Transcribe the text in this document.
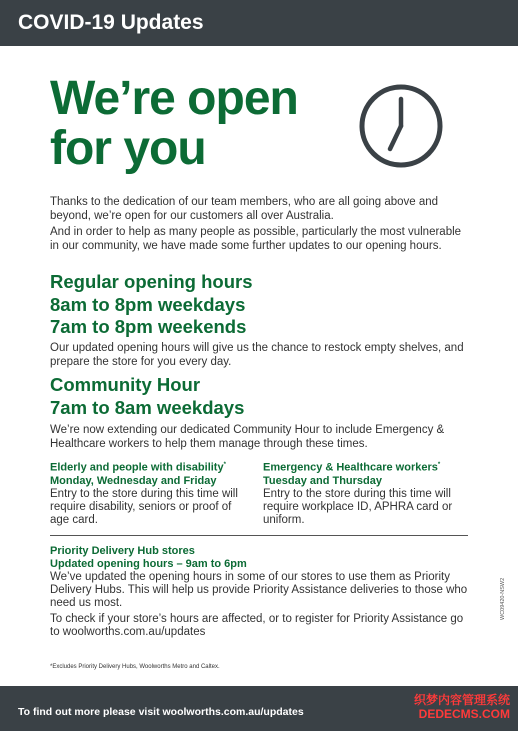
COVID-19 Updates
We’re open
for you
Thanks to the dedication of our team members, who are all going above and beyond, we’re open for our customers all over Australia.
And in order to help as many people as possible, particularly the most vulnerable in our community, we have made some further updates to our opening hours.
Regular opening hours
8am to 8pm weekdays
7am to 8pm weekends
Our updated opening hours will give us the chance to restock empty shelves, and prepare the store for you every day.
Community Hour
7am to 8am weekdays
We’re now extending our dedicated Community Hour to include Emergency & Healthcare workers to help them manage through these times.
Elderly and people with disability*
Monday, Wednesday and Friday
Entry to the store during this time will require disability, seniors or proof of age card.
Emergency & Healthcare workers*
Tuesday and Thursday
Entry to the store during this time will require workplace ID, APHRA card or uniform.
Priority Delivery Hub stores
Updated opening hours – 9am to 6pm
We’ve updated the opening hours in some of our stores to use them as Priority Delivery Hubs. This will help us provide Priority Assistance deliveries to those who need us most.
To check if your store’s hours are affected, or to register for Priority Assistance go to woolworths.com.au/updates
*Excludes Priority Delivery Hubs, Woolworths Metro and Caltex.
WC09420-NSW2
To find out more please visit woolworths.com.au/updates
织梦内容管理系统
DEDECMS.COM
